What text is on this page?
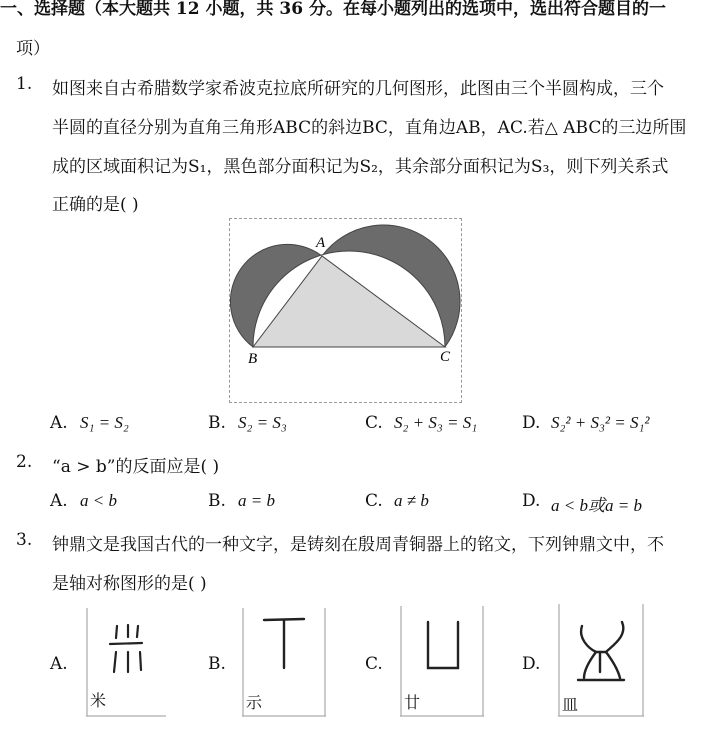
一、选择题（本大题共 12 小题，共 36 分。在每小题列出的选项中，选出符合题目的一
项）
1. 如图来自古希腊数学家希波克拉底所研究的几何图形，此图由三个半圆构成，三个
半圆的直径分别为直角三角形ABC的斜边BC，直角边AB，AC.若△ ABC的三边所围
成的区域面积记为S₁，黑色部分面积记为S₂，其余部分面积记为S₃，则下列关系式
正确的是( )
A
B	C
A. S₁ = S₂	B. S₂ = S₃	C. S₂ + S₃ = S₁	D. S₂² + S₃² = S₁²
2. “a > b”的反面应是( )
A. a < b	B. a = b	C. a ≠ b	D. a < b或a = b
3. 钟鼎文是我国古代的一种文字，是铸刻在殷周青铜器上的铭文，下列钟鼎文中，不
是轴对称图形的是( )
A.
米
B.
示
C.
廿
D.
皿
